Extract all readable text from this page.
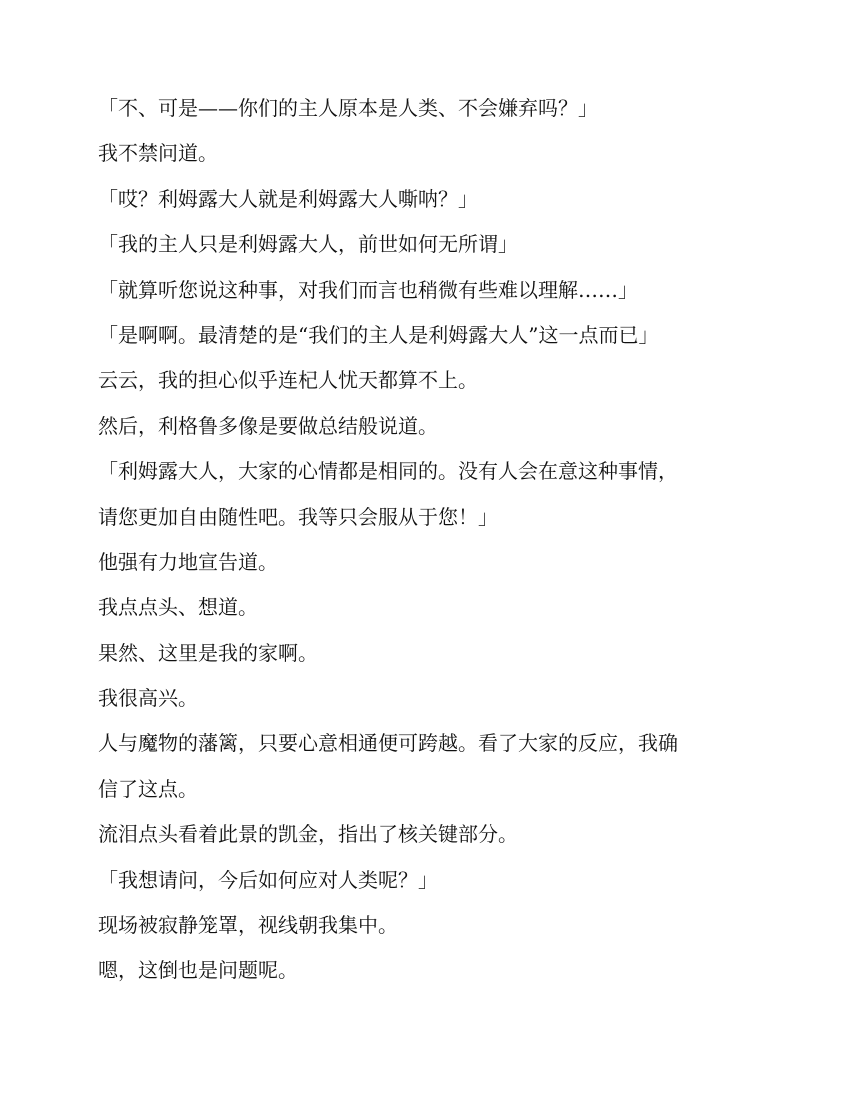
「不、可是——你们的主人原本是人类、不会嫌弃吗？」
我不禁问道。
「哎？利姆露大人就是利姆露大人嘶呐？」
「我的主人只是利姆露大人，前世如何无所谓」
「就算听您说这种事，对我们而言也稍微有些难以理解……」
「是啊啊。最清楚的是“我们的主人是利姆露大人”这一点而已」
云云，我的担心似乎连杞人忧天都算不上。
然后，利格鲁多像是要做总结般说道。
「利姆露大人，大家的心情都是相同的。没有人会在意这种事情，
请您更加自由随性吧。我等只会服从于您！」
他强有力地宣告道。
我点点头、想道。
果然、这里是我的家啊。
我很高兴。
人与魔物的藩篱，只要心意相通便可跨越。看了大家的反应，我确
信了这点。
流泪点头看着此景的凯金，指出了核关键部分。
「我想请问，今后如何应对人类呢？」
现场被寂静笼罩，视线朝我集中。
嗯，这倒也是问题呢。
